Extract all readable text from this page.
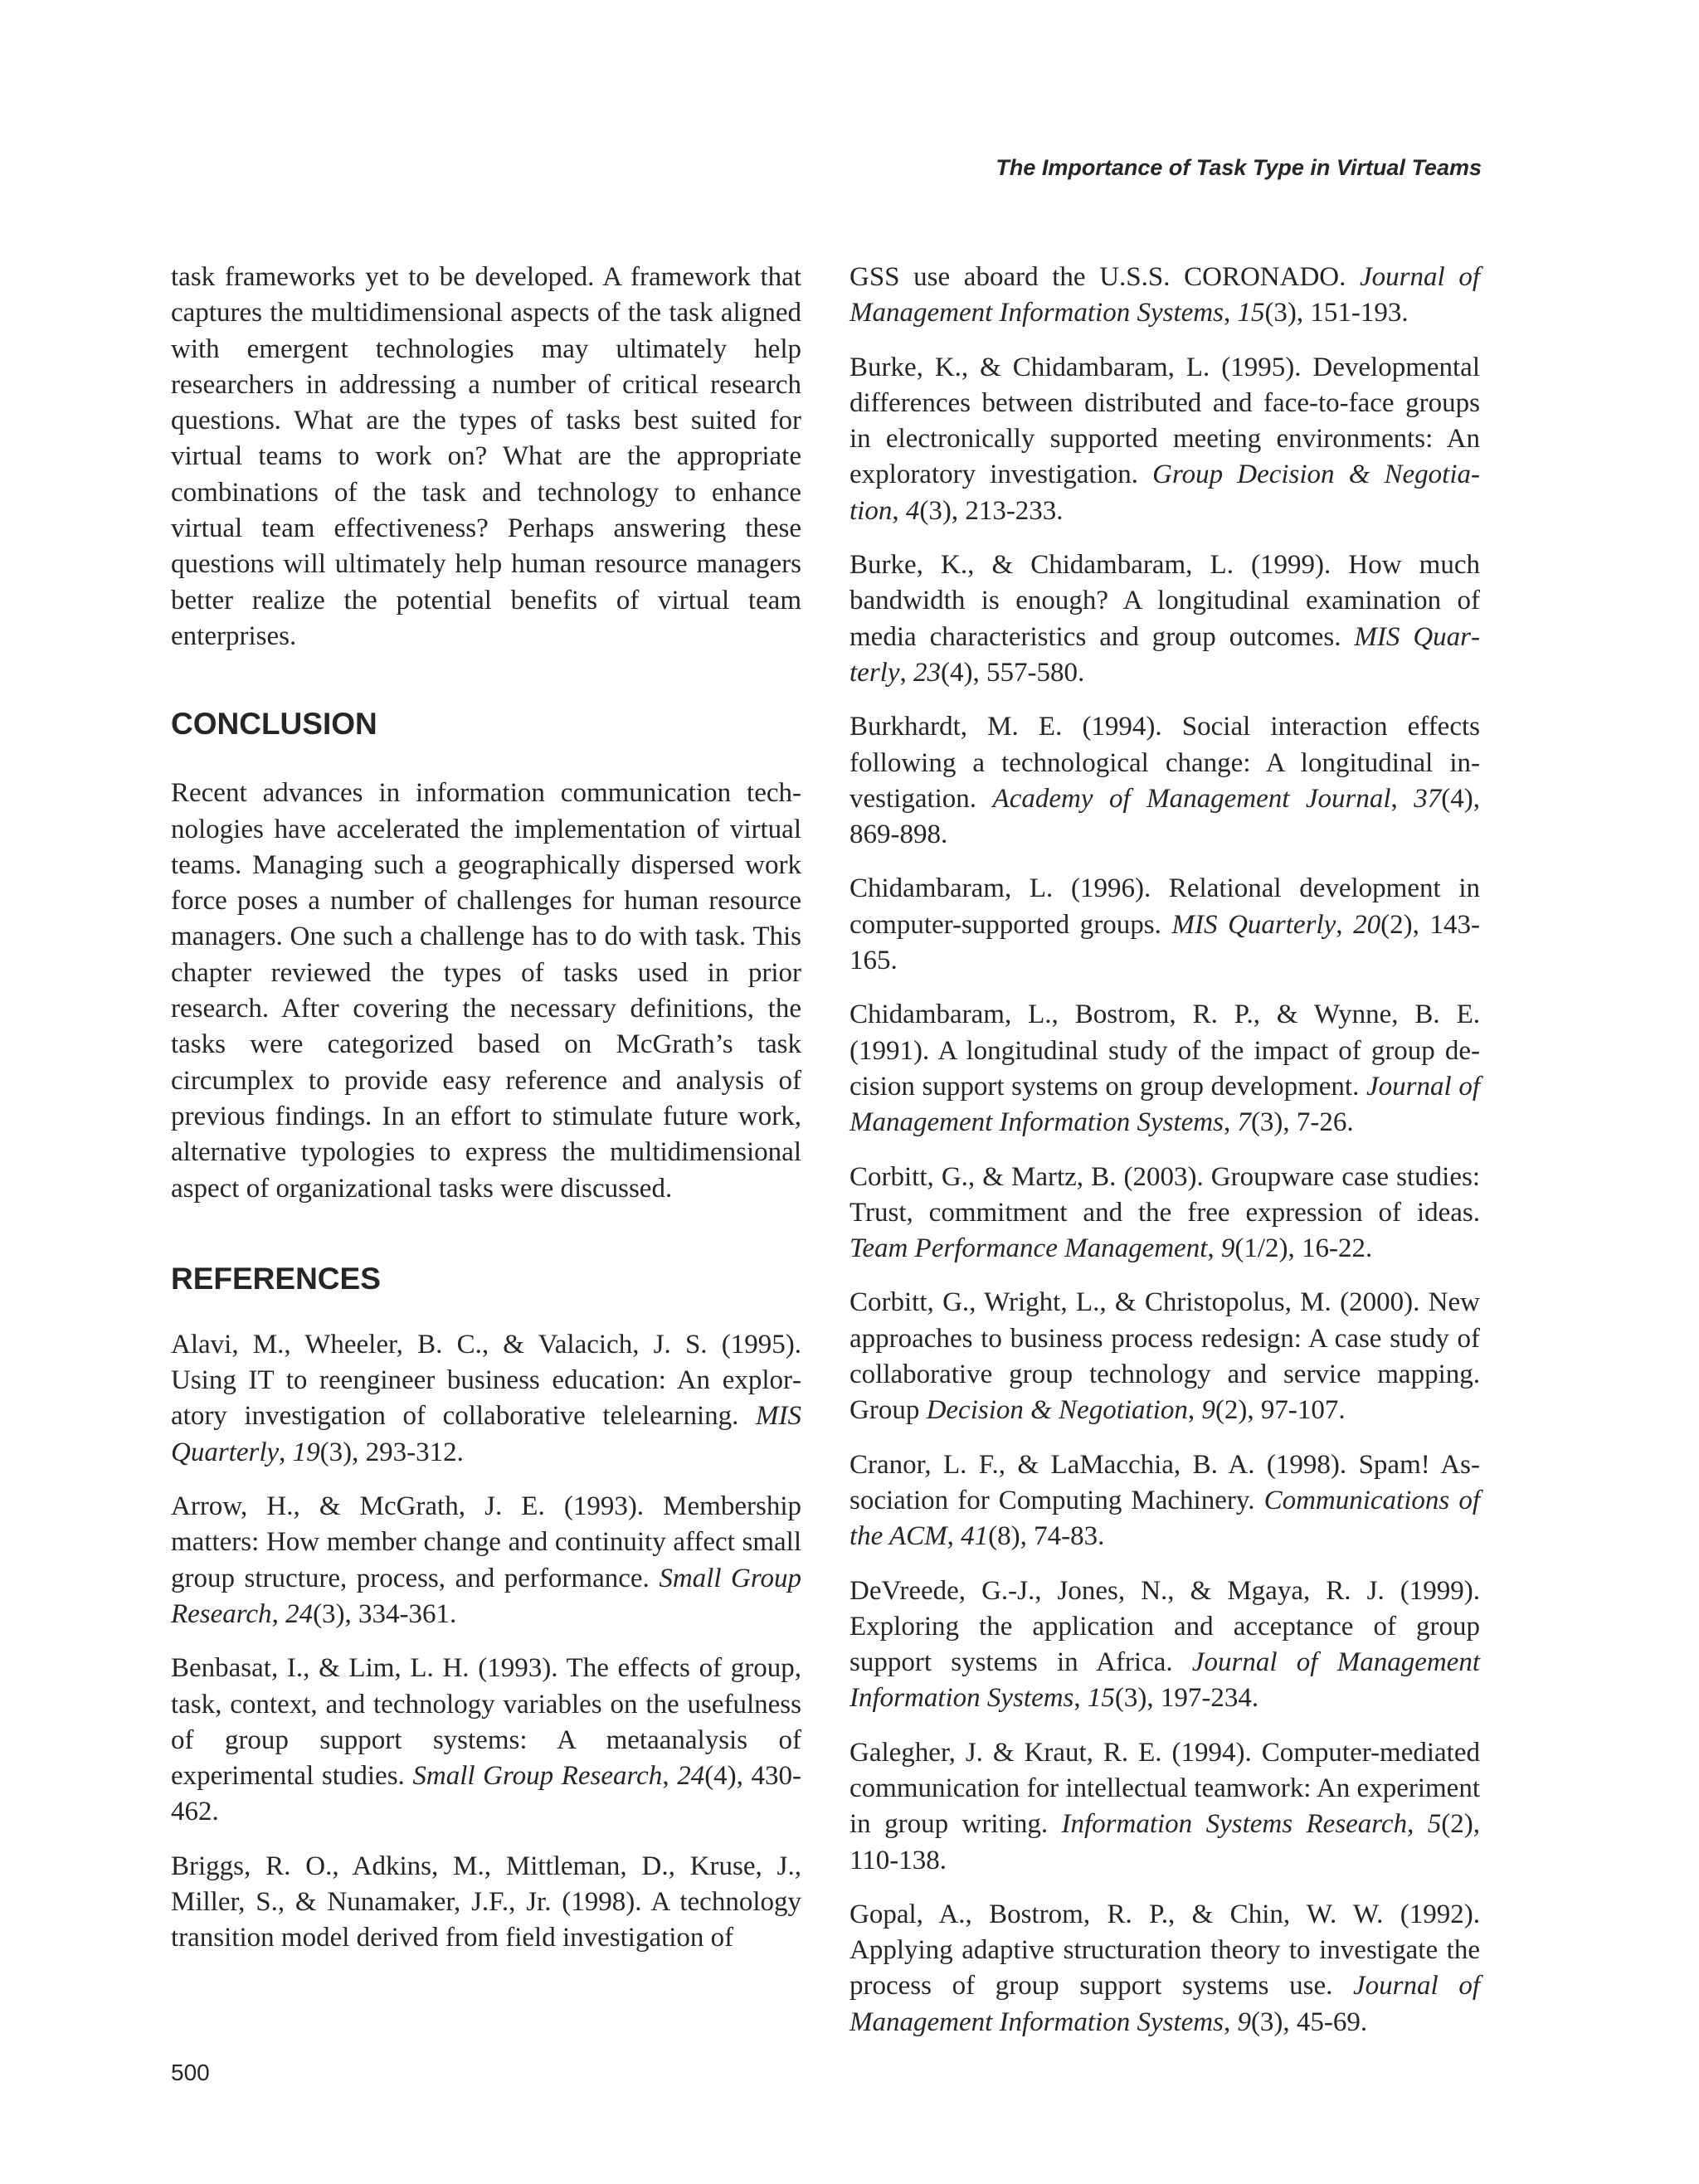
The Importance of Task Type in Virtual Teams

task frameworks yet to be developed. A framework that captures the multidimensional aspects of the task aligned with emergent technologies may ultimately help researchers in addressing a number of critical research questions. What are the types of tasks best suited for virtual teams to work on? What are the appropriate combinations of the task and technology to enhance virtual team effectiveness? Perhaps answering these questions will ultimately help human resource managers better realize the potential benefits of virtual team enterprises.

CONCLUSION

Recent advances in information communication technologies have accelerated the implementation of virtual teams. Managing such a geographically dispersed work force poses a number of challenges for human resource managers. One such a challenge has to do with task. This chapter reviewed the types of tasks used in prior research. After covering the necessary definitions, the tasks were categorized based on McGrath’s task circumplex to provide easy reference and analysis of previous findings. In an effort to stimulate future work, alternative typologies to express the multidimensional aspect of organizational tasks were discussed.

REFERENCES

Alavi, M., Wheeler, B. C., & Valacich, J. S. (1995). Using IT to reengineer business education: An exploratory investigation of collaborative telelearning. MIS Quarterly, 19(3), 293-312.

Arrow, H., & McGrath, J. E. (1993). Membership matters: How member change and continuity affect small group structure, process, and performance. Small Group Research, 24(3), 334-361.

Benbasat, I., & Lim, L. H. (1993). The effects of group, task, context, and technology variables on the usefulness of group support systems: A metaanalysis of experimental studies. Small Group Research, 24(4), 430-462.

Briggs, R. O., Adkins, M., Mittleman, D., Kruse, J., Miller, S., & Nunamaker, J.F., Jr. (1998). A technology transition model derived from field investigation of

GSS use aboard the U.S.S. CORONADO. Journal of Management Information Systems, 15(3), 151-193.

Burke, K., & Chidambaram, L. (1995). Developmental differences between distributed and face-to-face groups in electronically supported meeting environments: An exploratory investigation. Group Decision & Negotiation, 4(3), 213-233.

Burke, K., & Chidambaram, L. (1999). How much bandwidth is enough? A longitudinal examination of media characteristics and group outcomes. MIS Quarterly, 23(4), 557-580.

Burkhardt, M. E. (1994). Social interaction effects following a technological change: A longitudinal investigation. Academy of Management Journal, 37(4), 869-898.

Chidambaram, L. (1996). Relational development in computer-supported groups. MIS Quarterly, 20(2), 143-165.

Chidambaram, L., Bostrom, R. P., & Wynne, B. E. (1991). A longitudinal study of the impact of group decision support systems on group development. Journal of Management Information Systems, 7(3), 7-26.

Corbitt, G., & Martz, B. (2003). Groupware case studies: Trust, commitment and the free expression of ideas. Team Performance Management, 9(1/2), 16-22.

Corbitt, G., Wright, L., & Christopolus, M. (2000). New approaches to business process redesign: A case study of collaborative group technology and service mapping. Group Decision & Negotiation, 9(2), 97-107.

Cranor, L. F., & LaMacchia, B. A. (1998). Spam! Association for Computing Machinery. Communications of the ACM, 41(8), 74-83.

DeVreede, G.-J., Jones, N., & Mgaya, R. J. (1999). Exploring the application and acceptance of group support systems in Africa. Journal of Management Information Systems, 15(3), 197-234.

Galegher, J. & Kraut, R. E. (1994). Computer-mediated communication for intellectual teamwork: An experiment in group writing. Information Systems Research, 5(2), 110-138.

Gopal, A., Bostrom, R. P., & Chin, W. W. (1992). Applying adaptive structuration theory to investigate the process of group support systems use. Journal of Management Information Systems, 9(3), 45-69.

500
